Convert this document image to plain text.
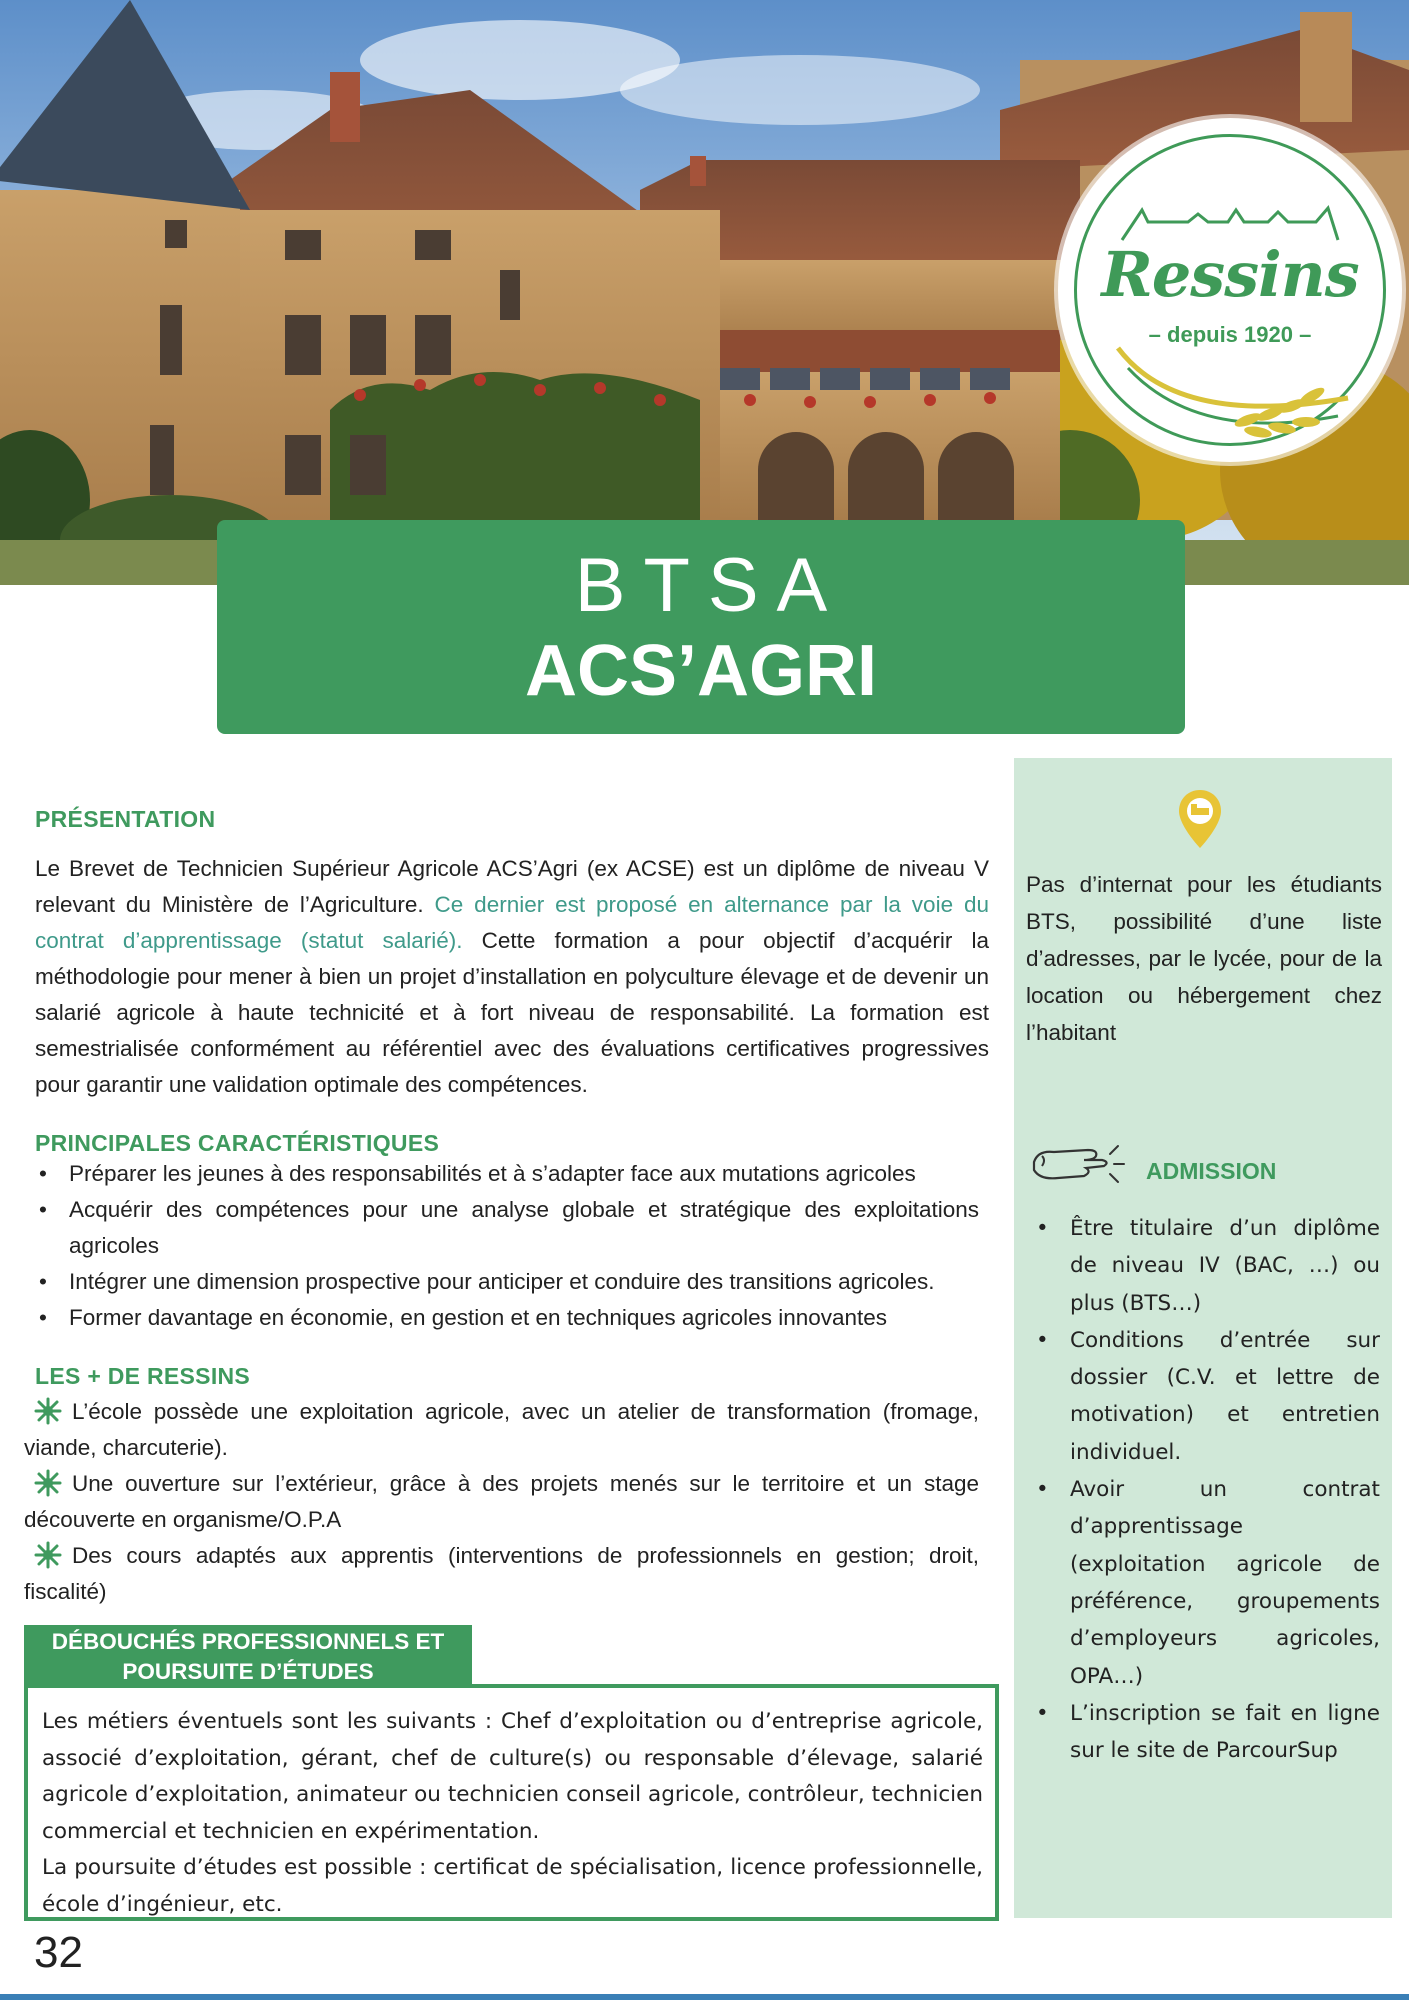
Ressins
– depuis 1920 –
BTSA
ACS’AGRI
PRÉSENTATION
Le Brevet de Technicien Supérieur Agricole ACS’Agri (ex ACSE) est un diplôme de niveau V relevant du Ministère de l’Agriculture. Ce dernier est proposé en alternance par la voie du contrat d’apprentissage (statut salarié). Cette formation a pour objectif d’acquérir la méthodologie pour mener à bien un projet d’installation en polyculture élevage et de devenir un salarié agricole à haute technicité et à fort niveau de responsabilité. La formation est semestrialisée conformément au référentiel avec des évaluations certificatives progressives pour garantir une validation optimale des compétences.
PRINCIPALES CARACTÉRISTIQUES
• Préparer les jeunes à des responsabilités et à s’adapter face aux mutations agricoles
• Acquérir des compétences pour une analyse globale et stratégique des exploitations agricoles
• Intégrer une dimension prospective pour anticiper et conduire des transitions agricoles.
• Former davantage en économie, en gestion et en techniques agricoles innovantes
LES + DE RESSINS
L’école possède une exploitation agricole, avec un atelier de transformation (fromage, viande, charcuterie).
Une ouverture sur l’extérieur, grâce à des projets menés sur le territoire et un stage découverte en organisme/O.P.A
Des cours adaptés aux apprentis (interventions de professionnels en gestion; droit, fiscalité)
DÉBOUCHÉS PROFESSIONNELS ET
POURSUITE D’ÉTUDES
Les métiers éventuels sont les suivants : Chef d’exploitation ou d’entreprise agricole, associé d’exploitation, gérant, chef de culture(s) ou responsable d’élevage, salarié agricole d’exploitation, animateur ou technicien conseil agricole, contrôleur, technicien commercial et technicien en expérimentation.
La poursuite d’études est possible : certificat de spécialisation, licence professionnelle, école d’ingénieur, etc.
32
Pas d’internat pour les étudiants BTS, possibilité d’une liste d’adresses, par le lycée, pour de la location ou hébergement chez l’habitant
ADMISSION
• Être titulaire d’un diplôme de niveau IV (BAC, …) ou plus (BTS…)
• Conditions d’entrée sur dossier (C.V. et lettre de motivation) et entretien individuel.
• Avoir un contrat d’apprentissage (exploitation agricole de préférence, groupements d’employeurs agricoles, OPA…)
• L’inscription se fait en ligne sur le site de ParcourSup
